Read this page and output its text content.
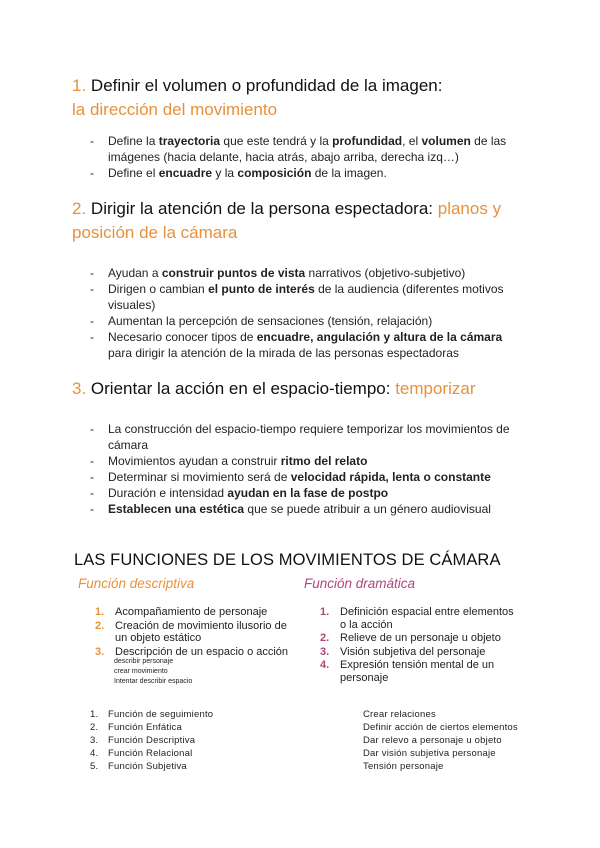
1. Definir el volumen o profundidad de la imagen:
la dirección del movimiento
- Define la trayectoria que este tendrá y la profundidad, el volumen de las imágenes (hacia delante, hacia atrás, abajo arriba, derecha izq…)
- Define el encuadre y la composición de la imagen.
2. Dirigir la atención de la persona espectadora: planos y posición de la cámara
- Ayudan a construir puntos de vista narrativos (objetivo-subjetivo)
- Dirigen o cambian el punto de interés de la audiencia (diferentes motivos visuales)
- Aumentan la percepción de sensaciones (tensión, relajación)
- Necesario conocer tipos de encuadre, angulación y altura de la cámara para dirigir la atención de la mirada de las personas espectadoras
3. Orientar la acción en el espacio-tiempo: temporizar
- La construcción del espacio-tiempo requiere temporizar los movimientos de cámara
- Movimientos ayudan a construir ritmo del relato
- Determinar si movimiento será de velocidad rápida, lenta o constante
- Duración e intensidad ayudan en la fase de postpo
- Establecen una estética que se puede atribuir a un género audiovisual
LAS FUNCIONES DE LOS MOVIMIENTOS DE CÁMARA
Función descriptiva	Función dramática
1. Acompañamiento de personaje
2. Creación de movimiento ilusorio de un objeto estático
3. Descripción de un espacio o acción
describir personaje
crear movimiento
Intentar describir espacio
1. Definición espacial entre elementos o la acción
2. Relieve de un personaje u objeto
3. Visión subjetiva del personaje
4. Expresión tensión mental de un personaje
1. Función de seguimiento
2. Función Enfática
3. Función Descriptiva
4. Función Relacional
5. Función Subjetiva
Crear relaciones
Definir acción de ciertos elementos
Dar relevo a personaje u objeto
Dar visión subjetiva personaje
Tensión personaje
